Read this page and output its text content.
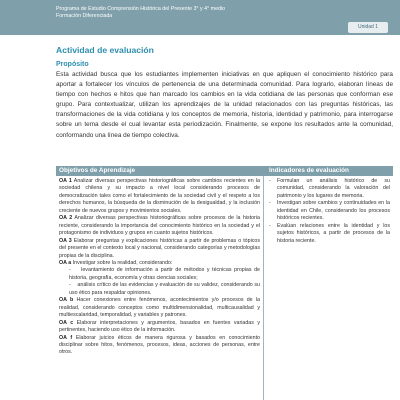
Programa de Estudio Comprensión Histórica del Presente 3° y 4° medio
Formación Diferenciada
Unidad 1
Actividad de evaluación
Propósito
Esta actividad busca que los estudiantes implementen iniciativas en que apliquen el conocimiento histórico para aportar a fortalecer los vínculos de pertenencia de una determinada comunidad. Para lograrlo, elaboran líneas de tiempo con hechos e hitos que han marcado los cambios en la vida cotidiana de las personas que conforman ese grupo. Para contextualizar, utilizan los aprendizajes de la unidad relacionados con las preguntas históricas, las transformaciones de la vida cotidiana y los conceptos de memoria, historia, identidad y patrimonio, para interrogarse sobre un tema desde el cual levantar esta periodización. Finalmente, se expone los resultados ante la comunidad, conformando una línea de tiempo colectiva.
Objetivos de Aprendizaje	Indicadores de evaluación

OA 1 Analizar diversas perspectivas historiográficas sobre cambios recientes en la sociedad chilena y su impacto a nivel local considerando procesos de democratización tales como el fortalecimiento de la sociedad civil y el respeto a los derechos humanos, la búsqueda de la disminución de la desigualdad, y la inclusión creciente de nuevos grupos y movimientos sociales.

OA 2 Analizar diversas perspectivas historiográficas sobre procesos de la historia reciente, considerando la importancia del conocimiento histórico en la sociedad y el protagonismo de individuos y grupos en cuanto sujetos históricos.

OA 3 Elaborar preguntas y explicaciones históricas a partir de problemas o tópicos del presente en el contexto local y nacional, considerando categorías y metodologías propias de la disciplina.

OA a Investigar sobre la realidad, considerando:

- levantamiento de información a partir de métodos y técnicas propias de historia, geografía, economía y otras ciencias sociales;

- análisis crítico de las evidencias y evaluación de su validez, considerando su uso ético para respaldar opiniones.

OA b Hacer conexiones entre fenómenos, acontecimientos y/o procesos de la realidad, considerando conceptos como multidimensionalidad, multicausalidad y multiescalaridad, temporalidad, y variables y patrones.

OA c Elaborar interpretaciones y argumentos, basados en fuentes variadas y pertinentes, haciendo uso ético de la información.

OA f Elaborar juicios éticos de manera rigurosa y basados en conocimiento disciplinar sobre hitos, fenómenos, procesos, ideas, acciones de personas, entre otros.

- Formulan un análisis histórico de su comunidad, considerando la valoración del patrimonio y los lugares de memoria.
- Investigan sobre cambios y continuidades en la identidad en Chile, considerando los procesos históricos recientes.
- Evalúan relaciones entre la identidad y los sujetos históricos, a partir de procesos de la historia reciente.
